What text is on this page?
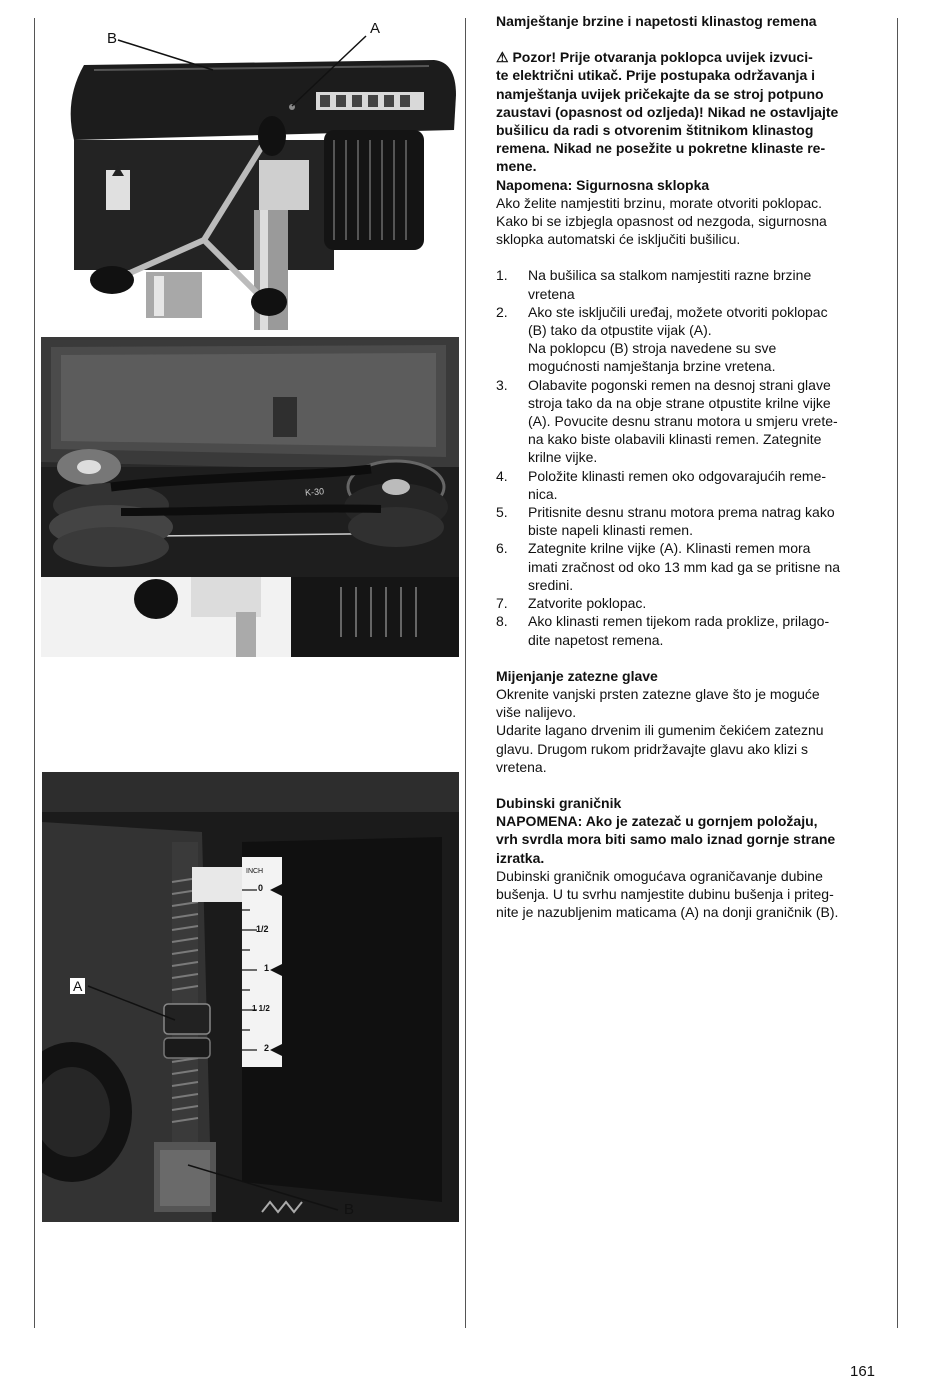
B
A
K-30
INCH
0
1/2
1
1 1/2
2
A
B

Namještanje brzine i napetosti klinastog remena

⚠ Pozor! Prije otvaranja poklopca uvijek izvuci-

te električni utikač. Prije postupaka održavanja i

namještanja uvijek pričekajte da se stroj potpuno

zaustavi (opasnost od ozljeda)! Nikad ne ostavljajte

bušilicu da radi s otvorenim štitnikom klinastog

remena. Nikad ne posežite u pokretne klinaste re-

mene.

Napomena: Sigurnosna sklopka

Ako želite namjestiti brzinu, morate otvoriti poklopac.

Kako bi se izbjegla opasnost od nezgoda, sigurnosna

sklopka automatski će isključiti bušilicu.

1. Na bušilica sa stalkom namjestiti razne brzine

vretena

2. Ako ste isključili uređaj, možete otvoriti poklopac

(B) tako da otpustite vijak (A).

Na poklopcu (B) stroja navedene su sve

mogućnosti namještanja brzine vretena.

3. Olabavite pogonski remen na desnoj strani glave

stroja tako da na obje strane otpustite krilne vijke

(A). Povucite desnu stranu motora u smjeru vrete-

na kako biste olabavili klinasti remen. Zategnite

krilne vijke.

4. Položite klinasti remen oko odgovarajućih reme-

nica.

5. Pritisnite desnu stranu motora prema natrag kako

biste napeli klinasti remen.

6. Zategnite krilne vijke (A). Klinasti remen mora

imati zračnost od oko 13 mm kad ga se pritisne na

sredini.

7. Zatvorite poklopac.

8. Ako klinasti remen tijekom rada proklize, prilago-

dite napetost remena.

Mijenjanje zatezne glave

Okrenite vanjski prsten zatezne glave što je moguće

više nalijevo.

Udarite lagano drvenim ili gumenim čekićem zateznu

glavu. Drugom rukom pridržavajte glavu ako klizi s

vretena.

Dubinski graničnik

NAPOMENA: Ako je zatezač u gornjem položaju,

vrh svrdla mora biti samo malo iznad gornje strane

izratka.

Dubinski graničnik omogućava ograničavanje dubine

bušenja. U tu svrhu namjestite dubinu bušenja i priteg-

nite je nazubljenim maticama (A) na donji graničnik (B).

161
